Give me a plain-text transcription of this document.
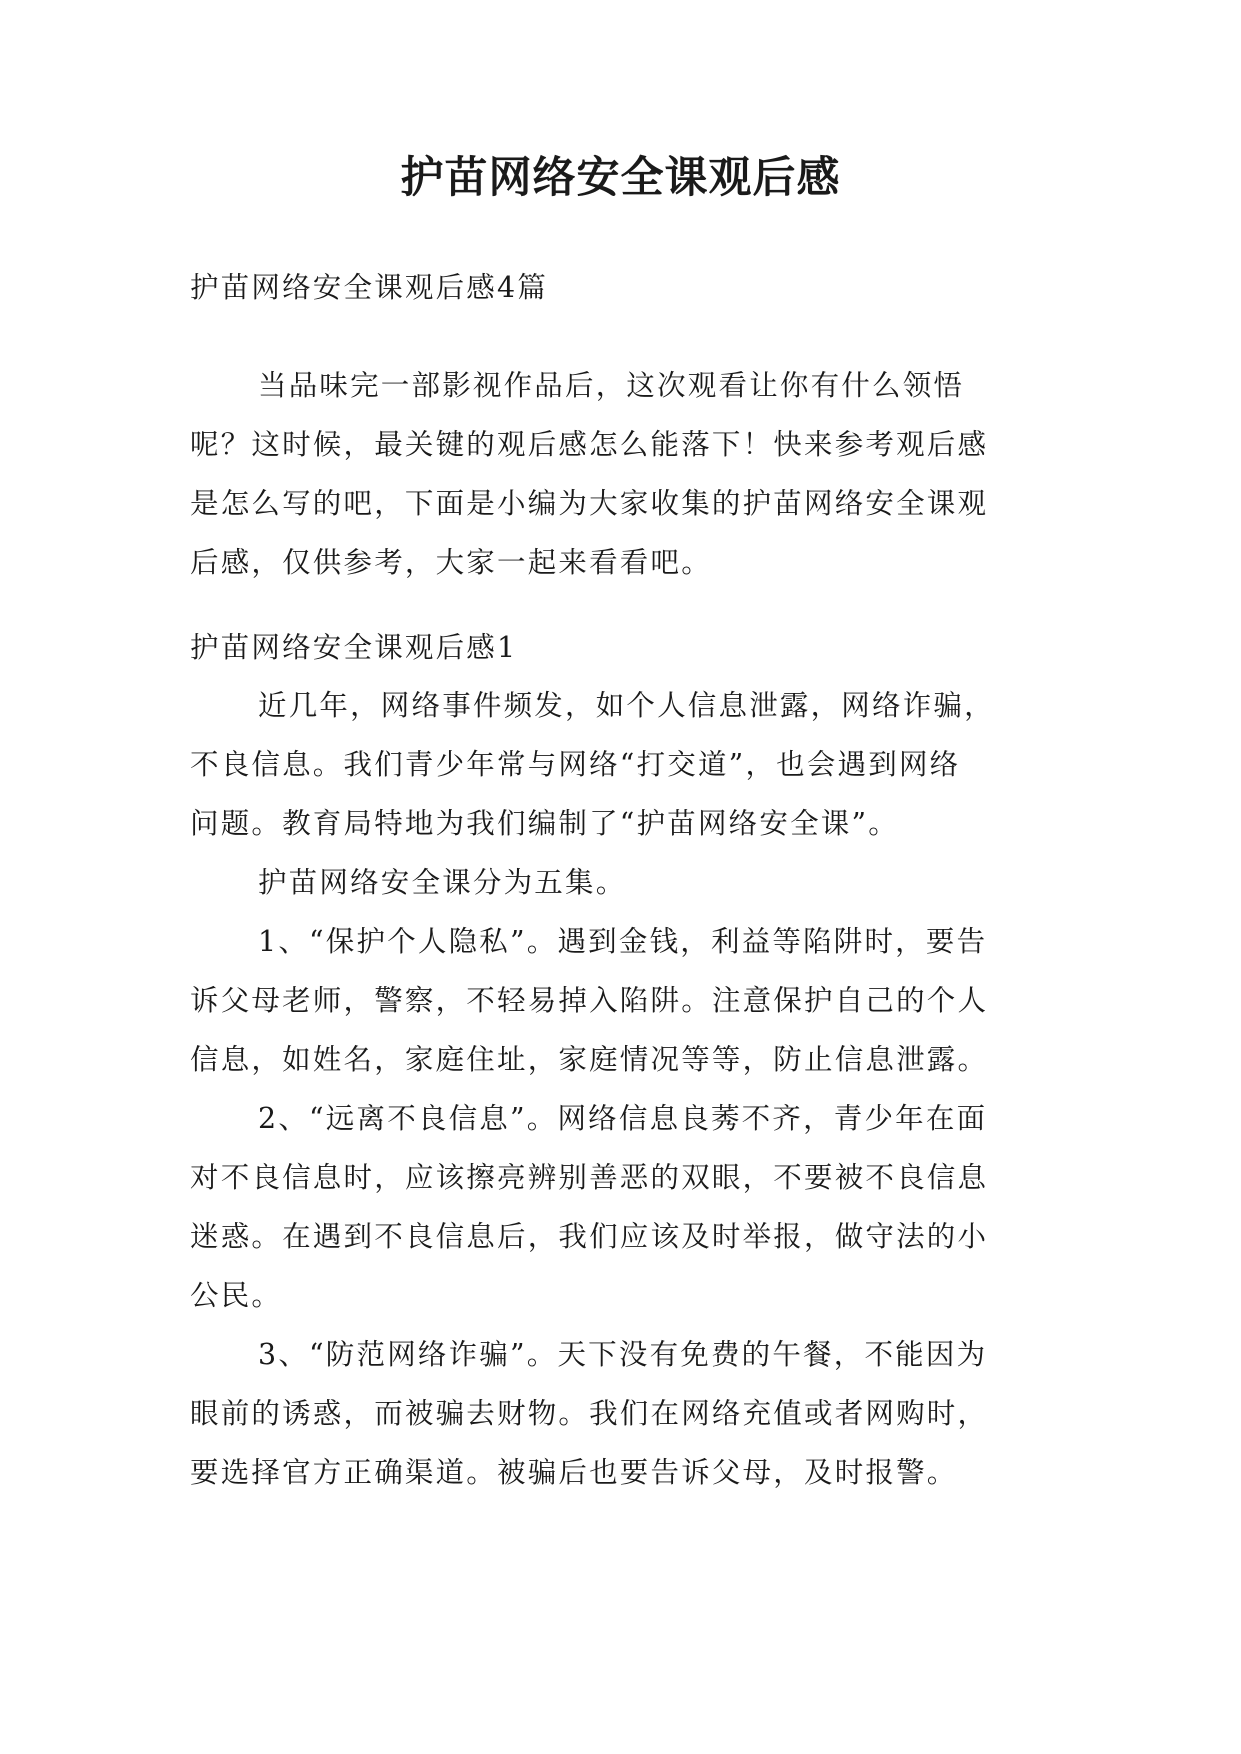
护苗网络安全课观后感
护苗网络安全课观后感4篇
当品味完一部影视作品后，这次观看让你有什么领悟
呢？这时候，最关键的观后感怎么能落下！快来参考观后感
是怎么写的吧，下面是小编为大家收集的护苗网络安全课观
后感，仅供参考，大家一起来看看吧。
护苗网络安全课观后感1
近几年，网络事件频发，如个人信息泄露，网络诈骗，
不良信息。我们青少年常与网络“打交道”，也会遇到网络
问题。教育局特地为我们编制了“护苗网络安全课”。
护苗网络安全课分为五集。
1、“保护个人隐私”。遇到金钱，利益等陷阱时，要告
诉父母老师，警察，不轻易掉入陷阱。注意保护自己的个人
信息，如姓名，家庭住址，家庭情况等等，防止信息泄露。
2、“远离不良信息”。网络信息良莠不齐，青少年在面
对不良信息时，应该擦亮辨别善恶的双眼，不要被不良信息
迷惑。在遇到不良信息后，我们应该及时举报，做守法的小
公民。
3、“防范网络诈骗”。天下没有免费的午餐，不能因为
眼前的诱惑，而被骗去财物。我们在网络充值或者网购时，
要选择官方正确渠道。被骗后也要告诉父母，及时报警。
